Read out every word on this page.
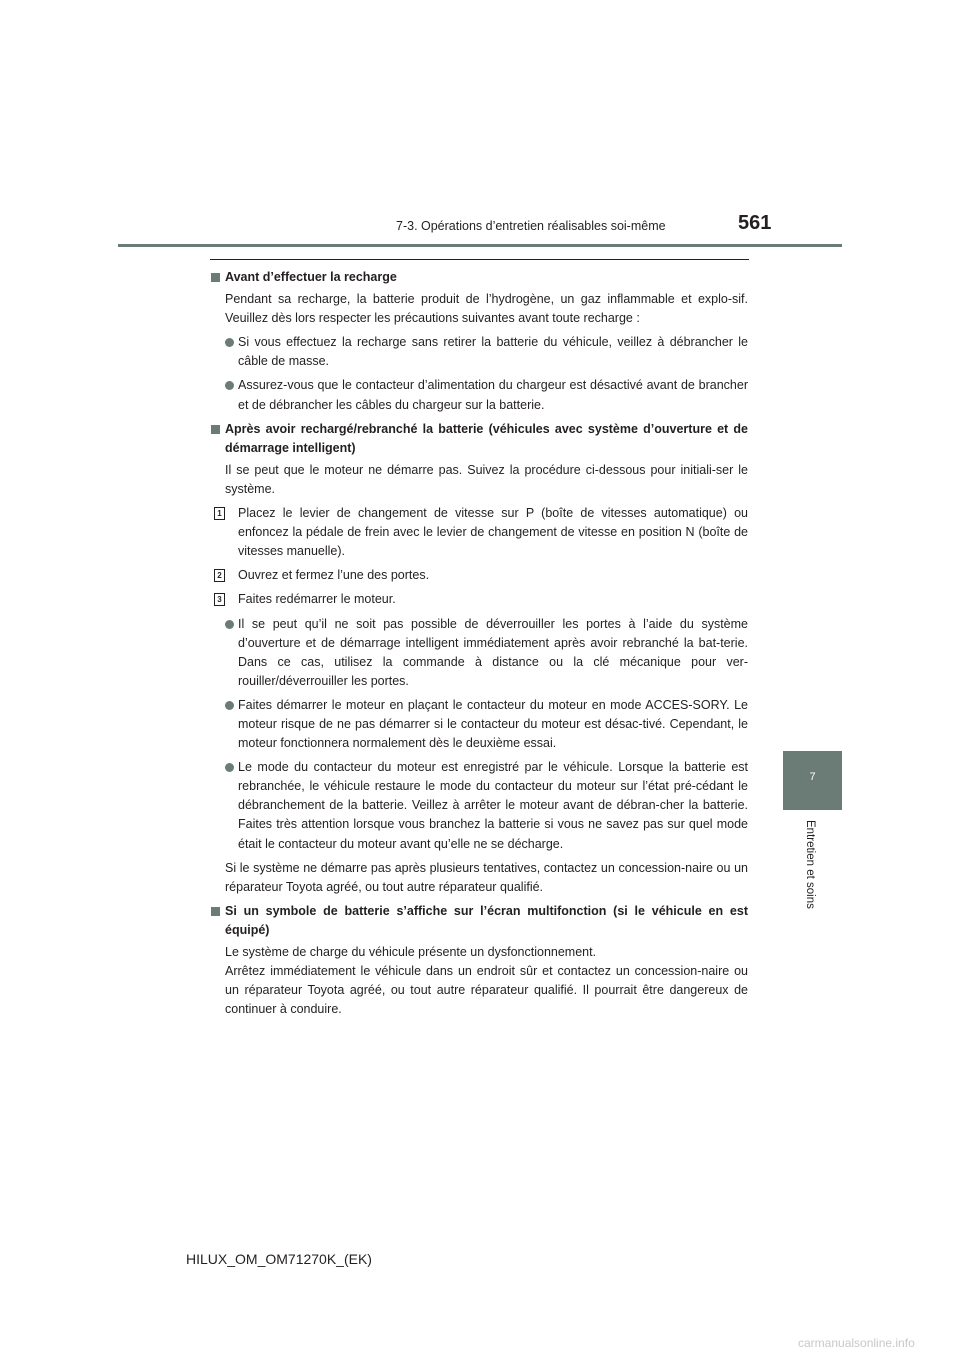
7-3. Opérations d’entretien réalisables soi-même	561
7
Entretien et soins

Avant d’effectuer la recharge

Pendant sa recharge, la batterie produit de l’hydrogène, un gaz inflammable et explo-sif. Veuillez dès lors respecter les précautions suivantes avant toute recharge :

Si vous effectuez la recharge sans retirer la batterie du véhicule, veillez à débrancher le câble de masse.

Assurez-vous que le contacteur d’alimentation du chargeur est désactivé avant de brancher et de débrancher les câbles du chargeur sur la batterie.

Après avoir rechargé/rebranché la batterie (véhicules avec système d’ouverture et de démarrage intelligent)

Il se peut que le moteur ne démarre pas. Suivez la procédure ci-dessous pour initiali-ser le système.

1 Placez le levier de changement de vitesse sur P (boîte de vitesses automatique) ou enfoncez la pédale de frein avec le levier de changement de vitesse en position N (boîte de vitesses manuelle).

2 Ouvrez et fermez l’une des portes.

3 Faites redémarrer le moteur.

Il se peut qu’il ne soit pas possible de déverrouiller les portes à l’aide du système d’ouverture et de démarrage intelligent immédiatement après avoir rebranché la bat-terie. Dans ce cas, utilisez la commande à distance ou la clé mécanique pour ver-rouiller/déverrouiller les portes.

Faites démarrer le moteur en plaçant le contacteur du moteur en mode ACCES-SORY. Le moteur risque de ne pas démarrer si le contacteur du moteur est désac-tivé. Cependant, le moteur fonctionnera normalement dès le deuxième essai.

Le mode du contacteur du moteur est enregistré par le véhicule. Lorsque la batterie est rebranchée, le véhicule restaure le mode du contacteur du moteur sur l’état pré-cédant le débranchement de la batterie. Veillez à arrêter le moteur avant de débran-cher la batterie. Faites très attention lorsque vous branchez la batterie si vous ne savez pas sur quel mode était le contacteur du moteur avant qu’elle ne se décharge.

Si le système ne démarre pas après plusieurs tentatives, contactez un concession-naire ou un réparateur Toyota agréé, ou tout autre réparateur qualifié.

Si un symbole de batterie s’affiche sur l’écran multifonction (si le véhicule en est équipé)

Le système de charge du véhicule présente un dysfonctionnement.

Arrêtez immédiatement le véhicule dans un endroit sûr et contactez un concession-naire ou un réparateur Toyota agréé, ou tout autre réparateur qualifié. Il pourrait être dangereux de continuer à conduire.

HILUX_OM_OM71270K_(EK)
carmanualsonline.info
